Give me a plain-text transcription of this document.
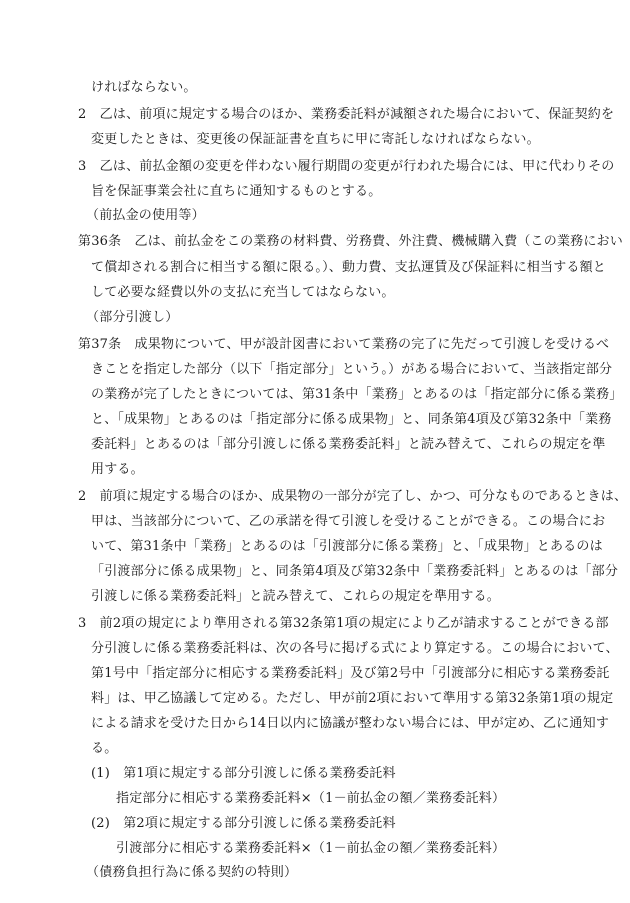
ければならない。
2　乙は、前項に規定する場合のほか、業務委託料が減額された場合において、保証契約を
変更したときは、変更後の保証証書を直ちに甲に寄託しなければならない。
3　乙は、前払金額の変更を伴わない履行期間の変更が行われた場合には、甲に代わりその
旨を保証事業会社に直ちに通知するものとする。
（前払金の使用等）
第36条　乙は、前払金をこの業務の材料費、労務費、外注費、機械購入費（この業務におい
て償却される割合に相当する額に限る。）、動力費、支払運賃及び保証料に相当する額と
して必要な経費以外の支払に充当してはならない。
（部分引渡し）
第37条　成果物について、甲が設計図書において業務の完了に先だって引渡しを受けるべ
きことを指定した部分（以下「指定部分」という。）がある場合において、当該指定部分
の業務が完了したときについては、第31条中「業務」とあるのは「指定部分に係る業務」
と、「成果物」とあるのは「指定部分に係る成果物」と、同条第4項及び第32条中「業務
委託料」とあるのは「部分引渡しに係る業務委託料」と読み替えて、これらの規定を準
用する。
2　前項に規定する場合のほか、成果物の一部分が完了し、かつ、可分なものであるときは、
甲は、当該部分について、乙の承諾を得て引渡しを受けることができる。この場合にお
いて、第31条中「業務」とあるのは「引渡部分に係る業務」と、「成果物」とあるのは
「引渡部分に係る成果物」と、同条第4項及び第32条中「業務委託料」とあるのは「部分
引渡しに係る業務委託料」と読み替えて、これらの規定を準用する。
3　前2項の規定により準用される第32条第1項の規定により乙が請求することができる部
分引渡しに係る業務委託料は、次の各号に掲げる式により算定する。この場合において、
第1号中「指定部分に相応する業務委託料」及び第2号中「引渡部分に相応する業務委託
料」は、甲乙協議して定める。ただし、甲が前2項において準用する第32条第1項の規定
による請求を受けた日から14日以内に協議が整わない場合には、甲が定め、乙に通知す
る。
(1)　第1項に規定する部分引渡しに係る業務委託料
指定部分に相応する業務委託料×（1－前払金の額／業務委託料）
(2)　第2項に規定する部分引渡しに係る業務委託料
引渡部分に相応する業務委託料×（1－前払金の額／業務委託料）
（債務負担行為に係る契約の特則）
